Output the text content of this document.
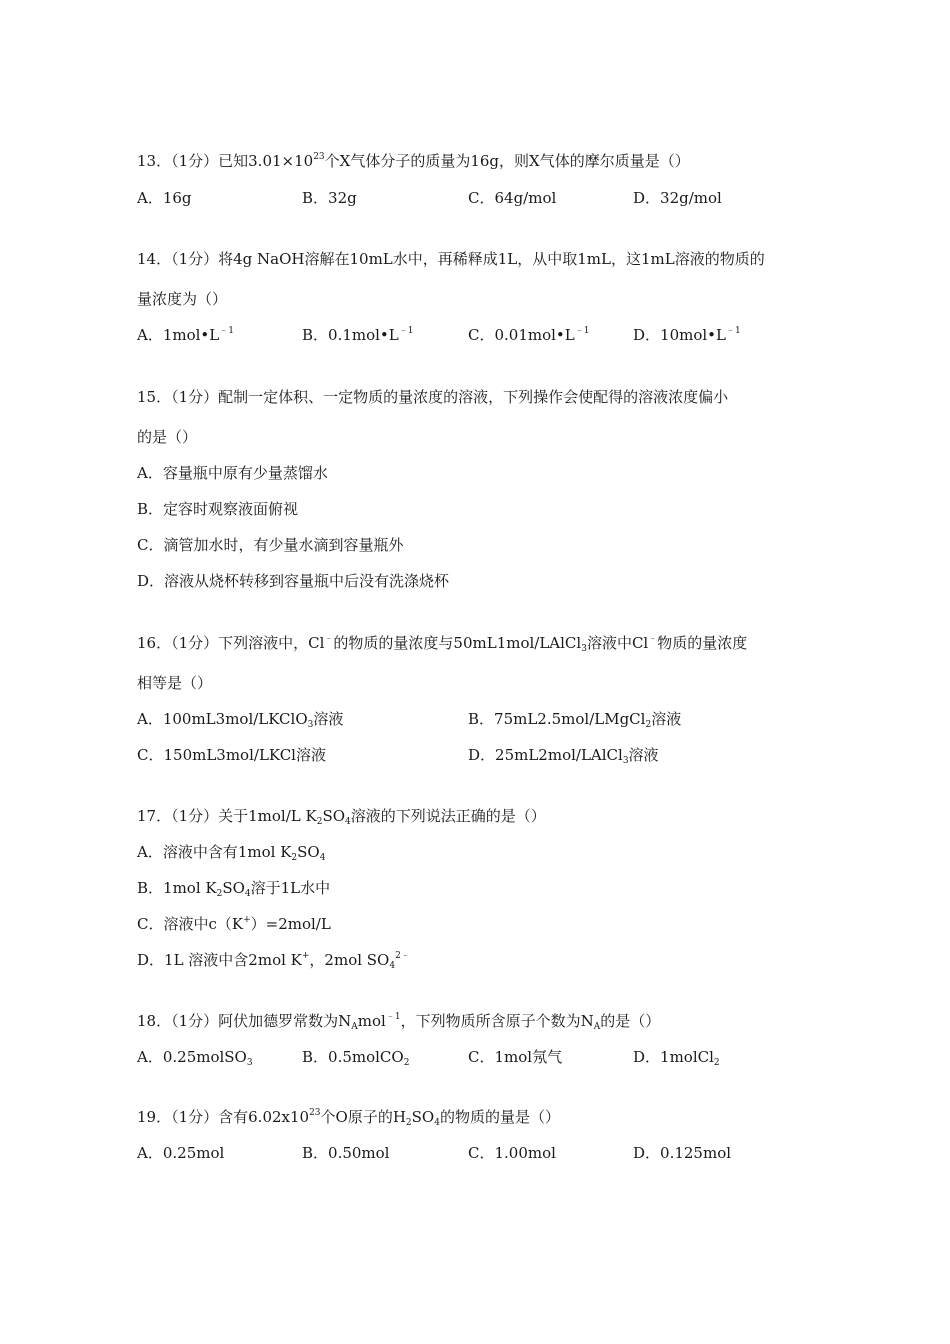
13．（1分）已知$3.01\times 10^{23}$个X气体分子的质量为16g，则X气体的摩尔质量是（）
A．16g	B．32g	C．64g/mol	D．32g/mol
14．（1分）将4g NaOH溶解在10mL水中，再稀释成1L，从中取1mL，这1mL溶液的物质的
量浓度为（）
A．$1mol•L^{﹣1}$	B．$0.1mol•L^{﹣1}$	C．$0.01mol•L^{﹣1}$	D．$10mol•L^{﹣1}$
15．（1分）配制一定体积、一定物质的量浓度的溶液，下列操作会使配得的溶液浓度偏小
的是（）
A．容量瓶中原有少量蒸馏水
B．定容时观察液面俯视
C．滴管加水时，有少量水滴到容量瓶外
D．溶液从烧杯转移到容量瓶中后没有洗涤烧杯
16．（1分）下列溶液中，Cl﹣的物质的量浓度与50mL1mol/LAlCl$_3$溶液中Cl﹣物质的量浓度
相等是（）
A．100mL3mol/LKClO$_3$溶液	B．75mL2.5mol/LMgCl$_2$溶液
C．150mL3mol/LKCl溶液	D．25mL2mol/LAlCl$_3$溶液
17．（1分）关于1mol/L $K_2SO_4$溶液的下列说法正确的是（）
A．溶液中含有1mol $K_2SO_4$
B．1mol $K_2SO_4$溶于1L水中
C．溶液中c（K+）=2mol/L
D．1L 溶液中含2mol K+，2mol $SO_4^{2﹣}$
18．（1分）阿伏加德罗常数为$N_Amol^{﹣1}$，下列物质所含原子个数为$N_A$的是（）
A．0.25molSO$_3$	B．0.5molCO$_2$	C．1mol氖气	D．1molCl$_2$
19．（1分）含有$6.02x10^{23}$个O原子的$H_2SO_4$的物质的量是（）
A．0.25mol	B．0.50mol	C．1.00mol	D．0.125mol
